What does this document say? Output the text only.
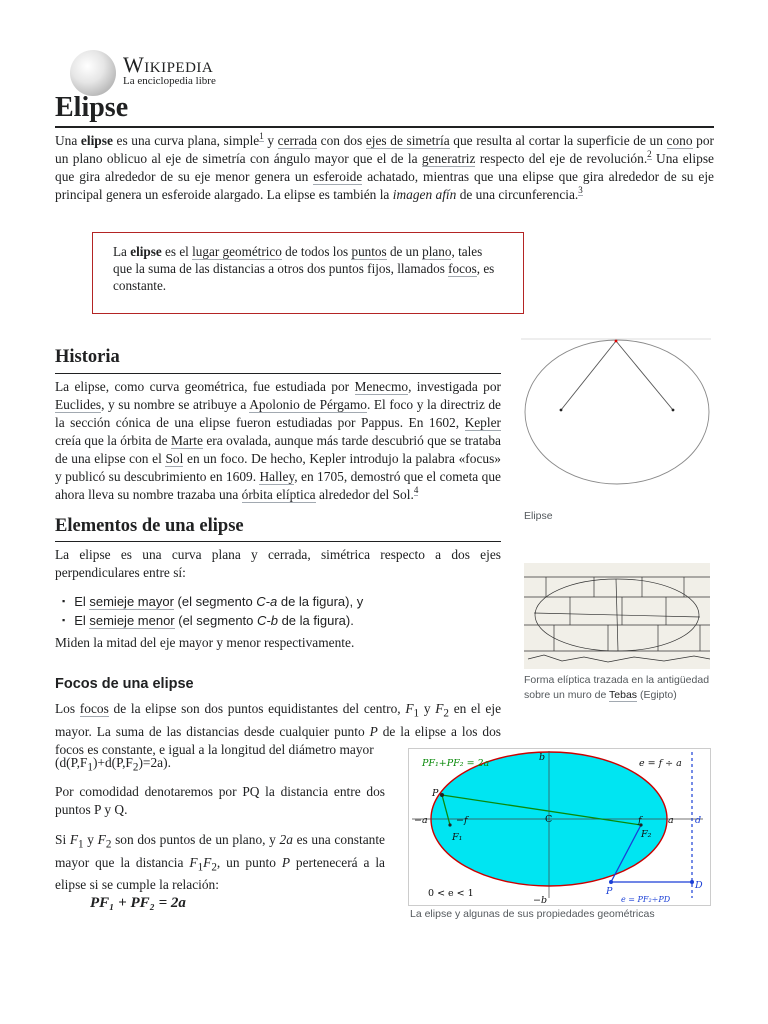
Wikipedia
La enciclopedia libre
Elipse
Una elipse es una curva plana, simple$^1$ y cerrada con dos ejes de simetría que resulta al cortar la superficie de un cono por un plano oblicuo al eje de simetría con ángulo mayor que el de la generatriz respecto del eje de revolución.$^2$ Una elipse que gira alrededor de su eje menor genera un esferoide achatado, mientras que una elipse que gira alrededor de su eje principal genera un esferoide alargado. La elipse es también la imagen afín de una circunferencia.$^3$
La elipse es el lugar geométrico de todos los puntos de un plano, tales que la suma de las distancias a otros dos puntos fijos, llamados focos, es constante.
Historia
La elipse, como curva geométrica, fue estudiada por Menecmo, investigada por Euclides, y su nombre se atribuye a Apolonio de Pérgamo. El foco y la directriz de la sección cónica de una elipse fueron estudiadas por Pappus. En 1602, Kepler creía que la órbita de Marte era ovalada, aunque más tarde descubrió que se trataba de una elipse con el Sol en un foco. De hecho, Kepler introdujo la palabra «focus» y publicó su descubrimiento en 1609. Halley, en 1705, demostró que el cometa que ahora lleva su nombre trazaba una órbita elíptica alrededor del Sol.$^4$
Elementos de una elipse
La elipse es una curva plana y cerrada, simétrica respecto a dos ejes perpendiculares entre sí:
▪ El semieje mayor (el segmento C-a de la figura), y
▪ El semieje menor (el segmento C-b de la figura).
Miden la mitad del eje mayor y menor respectivamente.
Focos de una elipse
Los focos de la elipse son dos puntos equidistantes del centro, $F_1$ y $F_2$ en el eje mayor. La suma de las distancias desde cualquier punto P de la elipse a los dos focos es constante, e igual a la longitud del diámetro mayor
$(d(P,F_1)+d(P,F_2)=2a)$.
Por comodidad denotaremos por PQ la distancia entre dos puntos P y Q.
Si $F_1$ y $F_2$ son dos puntos de un plano, y 2a es una constante mayor que la distancia $F_1F_2$, un punto P pertenecerá a la elipse si se cumple la relación:
PF₁ + PF₂ = 2a
Elipse
Forma elíptica trazada en la antigüedad sobre un muro de Tebas (Egipto)
PF₁+PF₂ = 2a	e = f ÷ a
b
−b
P
−a	−f	C	f	a d
F₁	F₂
D
P
0 < e < 1
e = PF₂÷PD
La elipse y algunas de sus propiedades geométricas
